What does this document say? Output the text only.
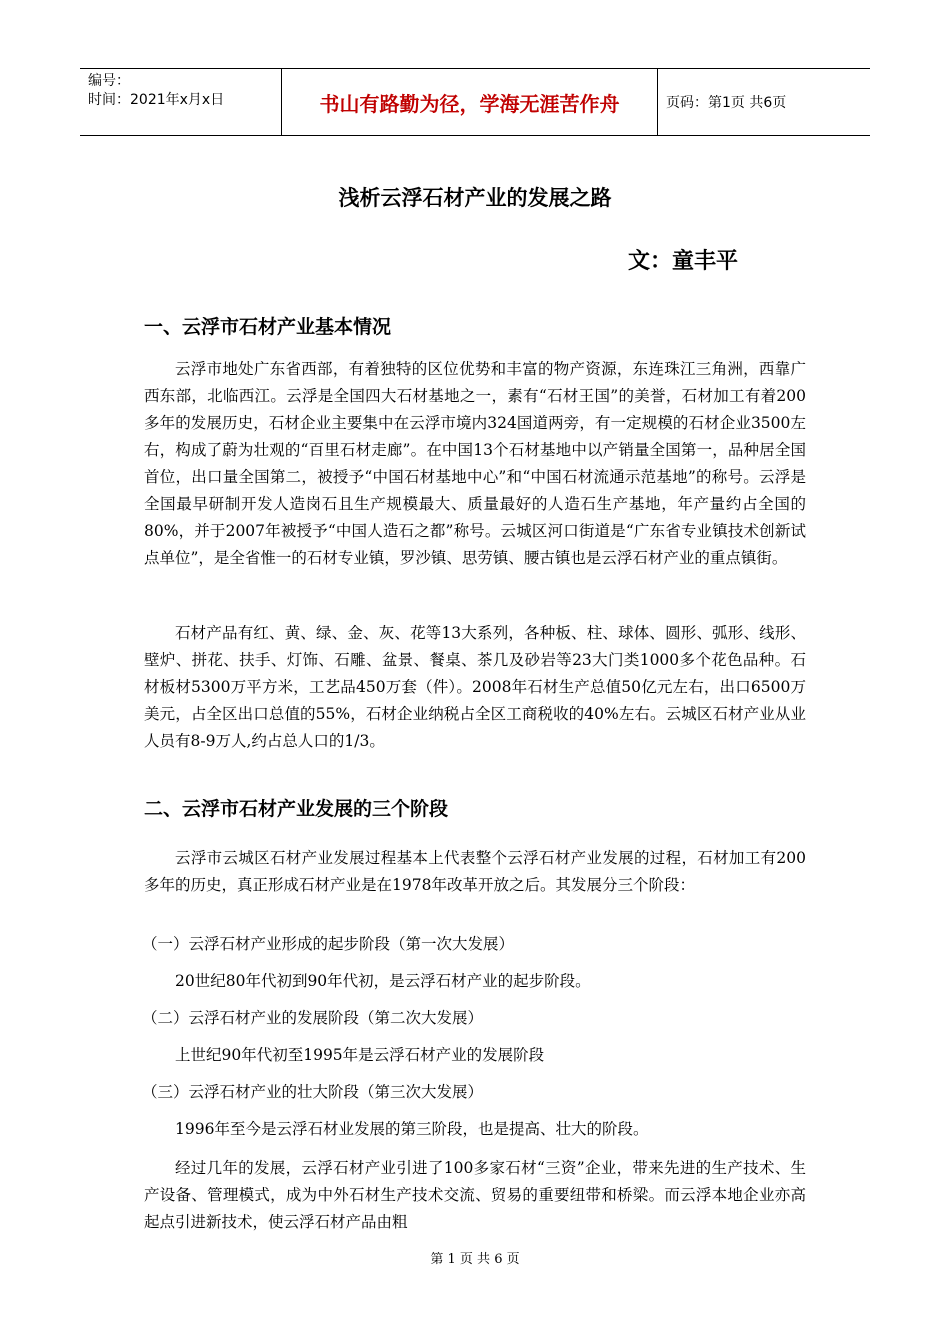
编号：
时间：2021年x月x日	书山有路勤为径，学海无涯苦作舟	页码：第1页 共6页
浅析云浮石材产业的发展之路
文：童丰平
一、云浮市石材产业基本情况

云浮市地处广东省西部，有着独特的区位优势和丰富的物产资源，东连珠江三角洲，西靠广西东部，北临西江。云浮是全国四大石材基地之一，素有“石材王国”的美誉，石材加工有着200多年的发展历史，石材企业主要集中在云浮市境内324国道两旁，有一定规模的石材企业3500左右，构成了蔚为壮观的“百里石材走廊”。在中国13个石材基地中以产销量全国第一，品种居全国首位，出口量全国第二，被授予“中国石材基地中心”和“中国石材流通示范基地”的称号。云浮是全国最早研制开发人造岗石且生产规模最大、质量最好的人造石生产基地，年产量约占全国的80%，并于2007年被授予“中国人造石之都”称号。云城区河口街道是“广东省专业镇技术创新试点单位”，是全省惟一的石材专业镇，罗沙镇、思劳镇、腰古镇也是云浮石材产业的重点镇街。

石材产品有红、黄、绿、金、灰、花等13大系列，各种板、柱、球体、圆形、弧形、线形、壁炉、拼花、扶手、灯饰、石雕、盆景、餐桌、茶几及砂岩等23大门类1000多个花色品种。石材板材5300万平方米，工艺品450万套（件）。2008年石材生产总值50亿元左右，出口6500万美元，占全区出口总值的55%，石材企业纳税占全区工商税收的40%左右。云城区石材产业从业人员有8-9万人,约占总人口的1/3。

二、云浮市石材产业发展的三个阶段

云浮市云城区石材产业发展过程基本上代表整个云浮石材产业发展的过程，石材加工有200多年的历史，真正形成石材产业是在1978年改革开放之后。其发展分三个阶段：

（一）云浮石材产业形成的起步阶段（第一次大发展）

20世纪80年代初到90年代初，是云浮石材产业的起步阶段。

（二）云浮石材产业的发展阶段（第二次大发展）

上世纪90年代初至1995年是云浮石材产业的发展阶段

（三）云浮石材产业的壮大阶段（第三次大发展）

1996年至今是云浮石材业发展的第三阶段，也是提高、壮大的阶段。

经过几年的发展，云浮石材产业引进了100多家石材“三资”企业，带来先进的生产技术、生产设备、管理模式，成为中外石材生产技术交流、贸易的重要纽带和桥梁。而云浮本地企业亦高起点引进新技术，使云浮石材产品由粗

第 1 页 共 6 页
